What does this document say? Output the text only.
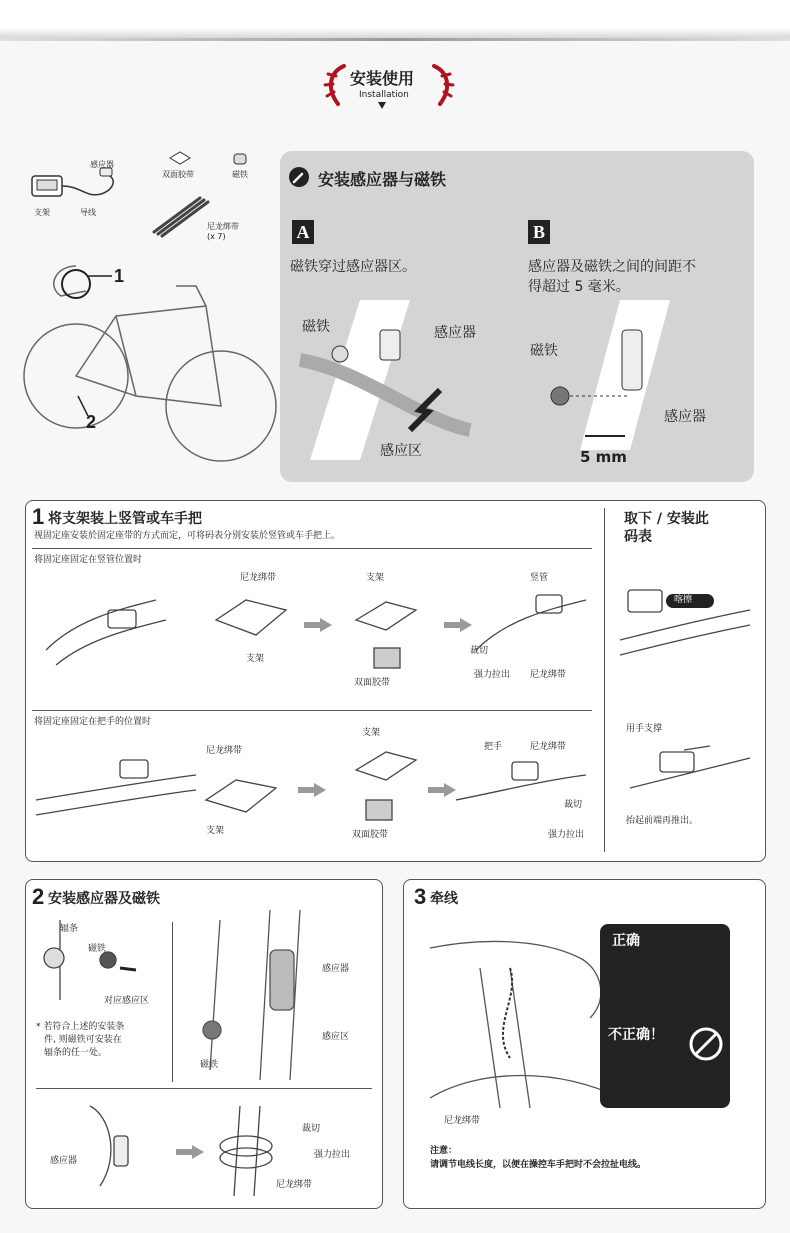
安装使用
Installation
感应器
支架	导线
双面胶带	磁铁
尼龙绑带
(x 7)
1
2
安装感应器与磁铁
A
磁铁穿过感应器区。
磁铁	感应器
感应区
B
感应器及磁铁之间的间距不
得超过 5 毫米。
磁铁
感应器
5 mm
1 将支架装上竖管或车手把
视固定座安装於固定座带的方式而定，可将码表分别安装於竖管或车手把上。
将固定座固定在竖管位置时
尼龙绑带
支架
支架
双面胶带
竖管
裁切
强力拉出 尼龙绑带
将固定座固定在把手的位置时
尼龙绑带
支架
支架
双面胶带
把手	尼龙绑带
裁切
强力拉出
取下 / 安装此
码表
喀擦
用手支撑
抬起前端再推出。
2 安装感应器及磁铁
辐条
磁铁
对应感应区
* 若符合上述的安装条
件, 则磁铁可安装在
辐条的任一处。
感应器
感应区
磁铁
感应器
裁切
强力拉出
尼龙绑带
3 牵线
尼龙绑带
正确
不正确！
注意：
请调节电线长度，以便在操控车手把时不会拉扯电线。
